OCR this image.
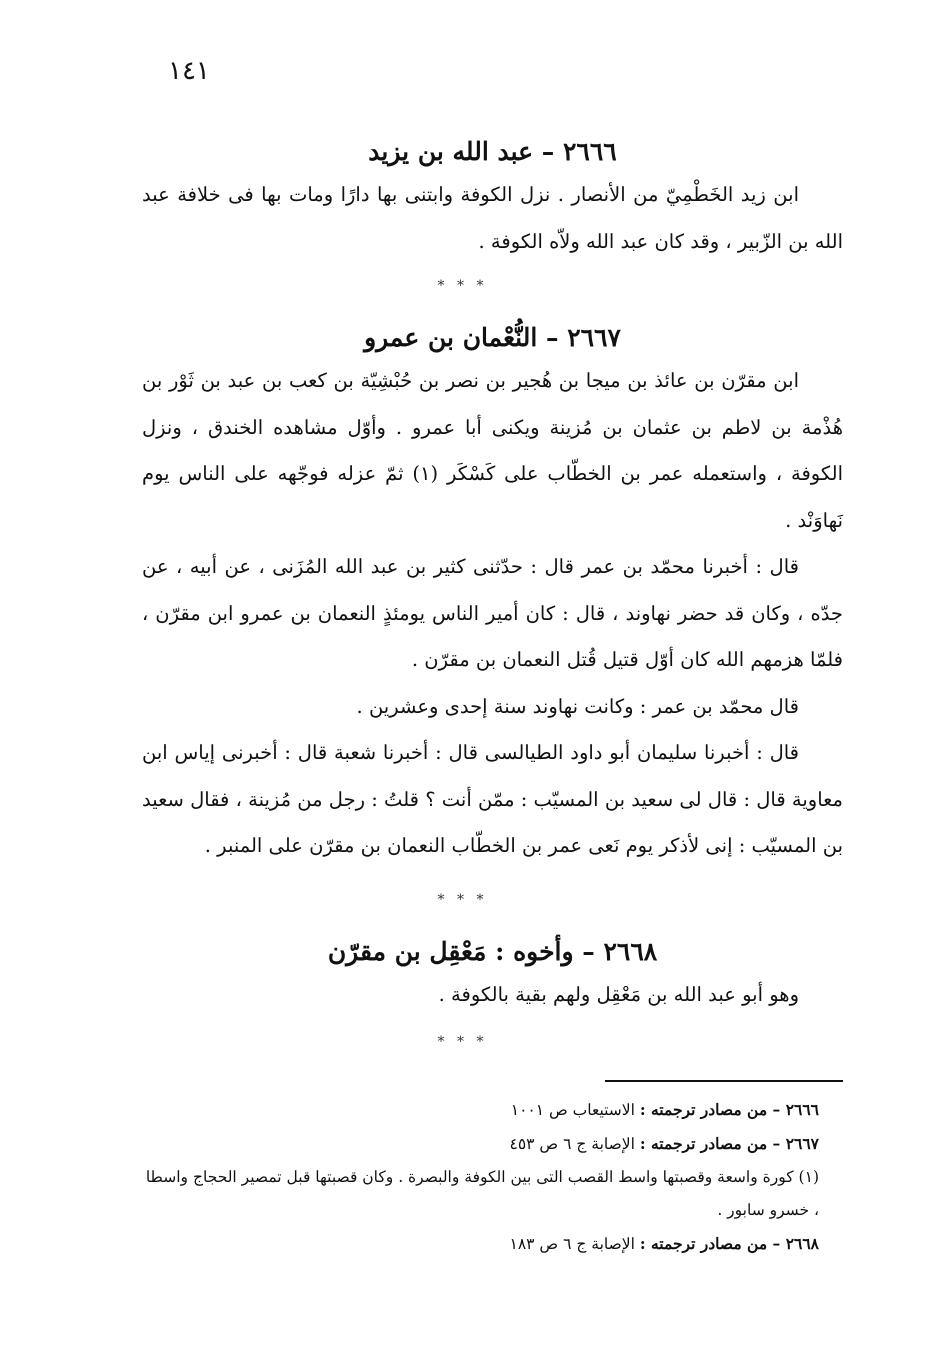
١٤١
٢٦٦٦ – عبد الله بن يزيد

ابن زيد الخَطْمِيّ من الأنصار . نزل الكوفة وابتنى بها دارًا ومات بها فى خلافة عبد الله بن الزّبير ، وقد كان عبد الله ولاّه الكوفة .

* * *
٢٦٦٧ – النُّعْمان بن عمرو

ابن مقرّن بن عائذ بن ميجا بن هُجير بن نصر بن حُبْشِيّة بن كعب بن عبد بن ثَوْر بن هُذْمة بن لاطم بن عثمان بن مُزينة ويكنى أبا عمرو . وأوّل مشاهده الخندق ، ونزل الكوفة ، واستعمله عمر بن الخطّاب على كَسْكَر (١) ثمّ عزله فوجّهه على الناس يوم نَهاوَنْد .

قال : أخبرنا محمّد بن عمر قال : حدّثنى كثير بن عبد الله المُزَنى ، عن أبيه ، عن جدّه ، وكان قد حضر نهاوند ، قال : كان أمير الناس يومئذٍ النعمان بن عمرو ابن مقرّن ، فلمّا هزمهم الله كان أوّل قتيل قُتل النعمان بن مقرّن .

قال محمّد بن عمر : وكانت نهاوند سنة إحدى وعشرين .

قال : أخبرنا سليمان أبو داود الطيالسى قال : أخبرنا شعبة قال : أخبرنى إياس ابن معاوية قال : قال لى سعيد بن المسيّب : ممّن أنت ؟ قلتُ : رجل من مُزينة ، فقال سعيد بن المسيّب : إنى لأذكر يوم نَعى عمر بن الخطّاب النعمان بن مقرّن على المنبر .

* * *
٢٦٦٨ – وأخوه : مَعْقِل بن مقرّن

وهو أبو عبد الله بن مَعْقِل ولهم بقية بالكوفة .

* * *

٢٦٦٦ – من مصادر ترجمته : الاستيعاب ص ١٠٠١

٢٦٦٧ – من مصادر ترجمته : الإصابة ج ٦ ص ٤٥٣

(١) كورة واسعة وقصبتها واسط القصب التى بين الكوفة والبصرة . وكان قصبتها قبل تمصير الحجاج واسطا ، خسرو سابور .

٢٦٦٨ – من مصادر ترجمته : الإصابة ج ٦ ص ١٨٣
